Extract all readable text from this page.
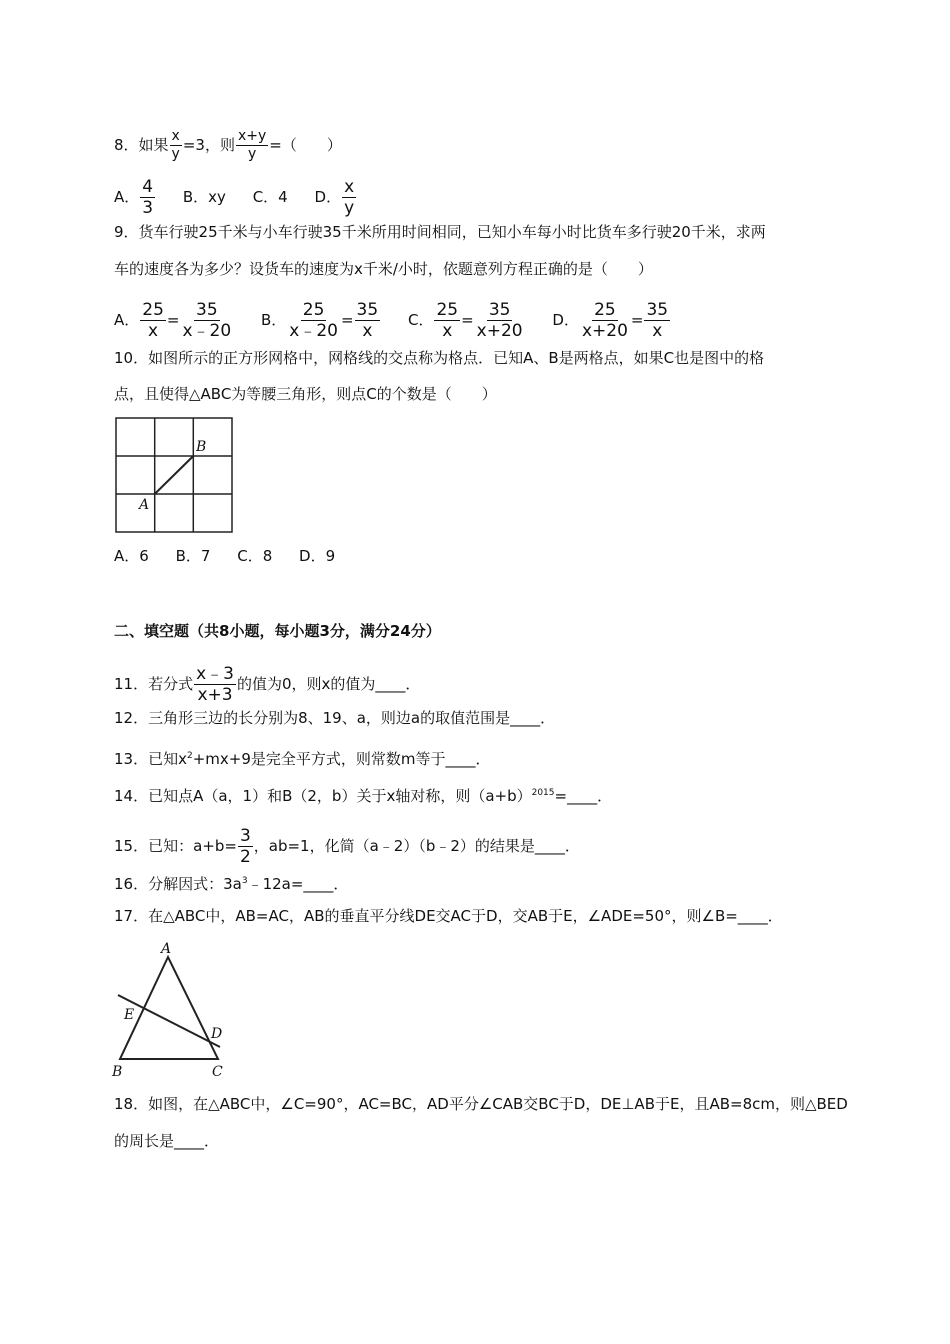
8．如果 $\frac{x}{y} =3$，则 $\frac{x+y}{y}$ =（　　）
A． $\frac{4}{3}$ B．xy C．4 D． $\frac{x}{y}$
9．货车行驶25千米与小车行驶35千米所用时间相同，已知小车每小时比货车多行驶20千米，求两
车的速度各为多少？设货车的速度为x千米/小时，依题意列方程正确的是（　　）
A． $\frac{25}{x} = \frac{35}{x﹣20}$ B． $\frac{25}{x﹣20} = \frac{35}{x}$ C． $\frac{25}{x} = \frac{35}{x+20}$ D． $\frac{25}{x+20} = \frac{35}{x}$
10．如图所示的正方形网格中，网格线的交点称为格点．已知A、B是两格点，如果C也是图中的格
点，且使得△ABC为等腰三角形，则点C的个数是（　　）
A
B
A．6 B．7 C．8 D．9
二、填空题（共8小题，每小题3分，满分24分）
11．若分式 $\frac{x﹣3}{x+3}$ 的值为0，则x的值为____．
12．三角形三边的长分别为8、19、a，则边a的取值范围是____．
13．已知$x^2+mx+9$是完全平方式，则常数m等于____．
14．已知点A（a，1）和B（2，b）关于x轴对称，则$(a+b)^{2015}=\_\_\_\_$．
15．已知：$a+b= \frac{3}{2}$ ，ab=1，化简（a﹣2）（b﹣2）的结果是____．
16．分解因式：$3a^3﹣12a=\_\_\_\_$．
17．在△ABC中，AB=AC，AB的垂直平分线DE交AC于D，交AB于E，∠ADE=50°，则∠B=____．
A
B	C
D
E
18．如图，在△ABC中，∠C=90°，AC=BC，AD平分∠CAB交BC于D，DE⊥AB于E，且AB=8cm，则△BED
的周长是____．
